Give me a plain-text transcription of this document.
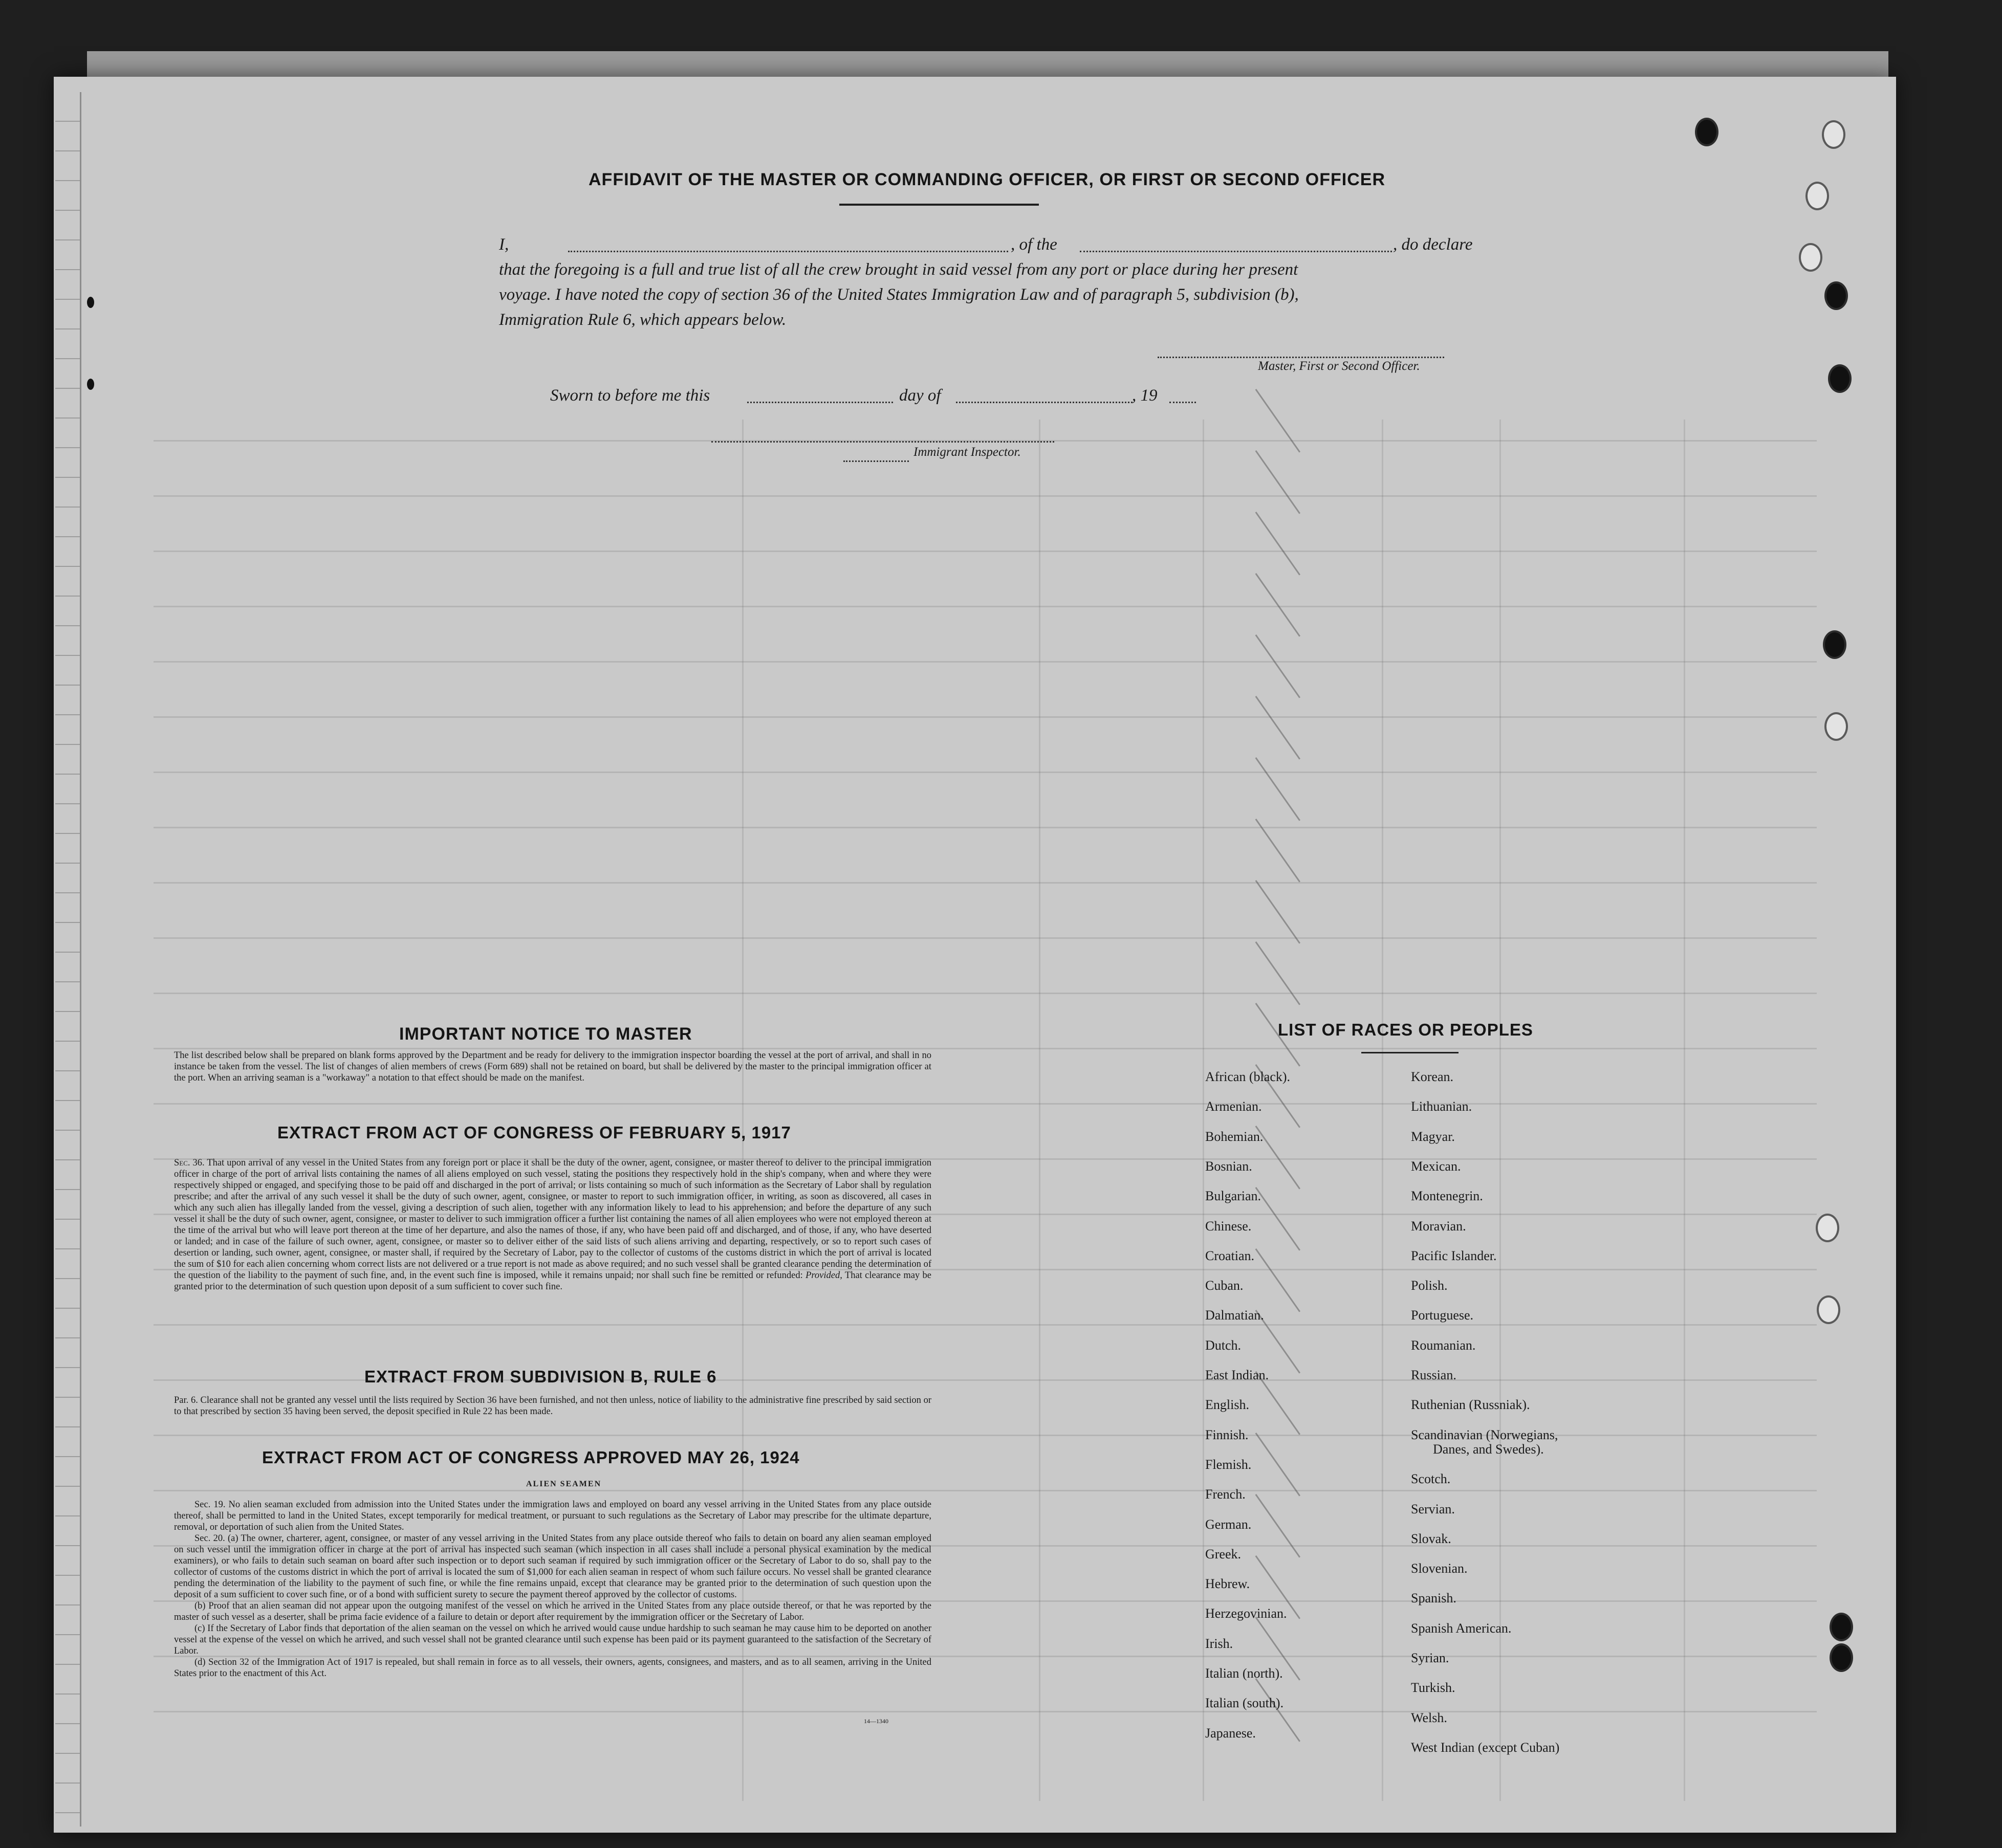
AFFIDAVIT OF THE MASTER OR COMMANDING OFFICER, OR FIRST OR SECOND OFFICER
I,	, of the	, do declare
that the foregoing is a full and true list of all the crew brought in said vessel from any port or place during her present
voyage. I have noted the copy of section 36 of the United States Immigration Law and of paragraph 5, subdivision (b),
Immigration Rule 6, which appears below.
Master, First or Second Officer.
Sworn to before me this	day of	, 19
Immigrant Inspector.
IMPORTANT NOTICE TO MASTER
The list described below shall be prepared on blank forms approved by the Department and be ready for delivery to the immigration inspector boarding the vessel at the port of arrival, and shall in no instance be taken from the vessel. The list of changes of alien members of crews (Form 689) shall not be retained on board, but shall be delivered by the master to the principal immigration officer at the port. When an arriving seaman is a "workaway" a notation to that effect should be made on the manifest.
EXTRACT FROM ACT OF CONGRESS OF FEBRUARY 5, 1917
Sec. 36. That upon arrival of any vessel in the United States from any foreign port or place it shall be the duty of the owner, agent, consignee, or master thereof to deliver to the principal immigration officer in charge of the port of arrival lists containing the names of all aliens employed on such vessel, stating the positions they respectively hold in the ship's company, when and where they were respectively shipped or engaged, and specifying those to be paid off and discharged in the port of arrival; or lists containing so much of such information as the Secretary of Labor shall by regulation prescribe; and after the arrival of any such vessel it shall be the duty of such owner, agent, consignee, or master to report to such immigration officer, in writing, as soon as discovered, all cases in which any such alien has illegally landed from the vessel, giving a description of such alien, together with any information likely to lead to his apprehension; and before the departure of any such vessel it shall be the duty of such owner, agent, consignee, or master to deliver to such immigration officer a further list containing the names of all alien employees who were not employed thereon at the time of the arrival but who will leave port thereon at the time of her departure, and also the names of those, if any, who have been paid off and discharged, and of those, if any, who have deserted or landed; and in case of the failure of such owner, agent, consignee, or master so to deliver either of the said lists of such aliens arriving and departing, respectively, or so to report such cases of desertion or landing, such owner, agent, consignee, or master shall, if required by the Secretary of Labor, pay to the collector of customs of the customs district in which the port of arrival is located the sum of $10 for each alien concerning whom correct lists are not delivered or a true report is not made as above required; and no such vessel shall be granted clearance pending the determination of the question of the liability to the payment of such fine, and, in the event such fine is imposed, while it remains unpaid; nor shall such fine be remitted or refunded: Provided, That clearance may be granted prior to the determination of such question upon deposit of a sum sufficient to cover such fine.
EXTRACT FROM SUBDIVISION B, RULE 6
Par. 6. Clearance shall not be granted any vessel until the lists required by Section 36 have been furnished, and not then unless, notice of liability to the administrative fine prescribed by said section or to that prescribed by section 35 having been served, the deposit specified in Rule 22 has been made.
EXTRACT FROM ACT OF CONGRESS APPROVED MAY 26, 1924
ALIEN SEAMEN
Sec. 19. No alien seaman excluded from admission into the United States under the immigration laws and employed on board any vessel arriving in the United States from any place outside thereof, shall be permitted to land in the United States, except temporarily for medical treatment, or pursuant to such regulations as the Secretary of Labor may prescribe for the ultimate departure, removal, or deportation of such alien from the United States.
Sec. 20. (a) The owner, charterer, agent, consignee, or master of any vessel arriving in the United States from any place outside thereof who fails to detain on board any alien seaman employed on such vessel until the immigration officer in charge at the port of arrival has inspected such seaman (which inspection in all cases shall include a personal physical examination by the medical examiners), or who fails to detain such seaman on board after such inspection or to deport such seaman if required by such immigration officer or the Secretary of Labor to do so, shall pay to the collector of customs of the customs district in which the port of arrival is located the sum of $1,000 for each alien seaman in respect of whom such failure occurs. No vessel shall be granted clearance pending the determination of the liability to the payment of such fine, or while the fine remains unpaid, except that clearance may be granted prior to the determination of such question upon the deposit of a sum sufficient to cover such fine, or of a bond with sufficient surety to secure the payment thereof approved by the collector of customs.
(b) Proof that an alien seaman did not appear upon the outgoing manifest of the vessel on which he arrived in the United States from any place outside thereof, or that he was reported by the master of such vessel as a deserter, shall be prima facie evidence of a failure to detain or deport after requirement by the immigration officer or the Secretary of Labor.
(c) If the Secretary of Labor finds that deportation of the alien seaman on the vessel on which he arrived would cause undue hardship to such seaman he may cause him to be deported on another vessel at the expense of the vessel on which he arrived, and such vessel shall not be granted clearance until such expense has been paid or its payment guaranteed to the satisfaction of the Secretary of Labor.
(d) Section 32 of the Immigration Act of 1917 is repealed, but shall remain in force as to all vessels, their owners, agents, consignees, and masters, and as to all seamen, arriving in the United States prior to the enactment of this Act.
14—1340
LIST OF RACES OR PEOPLES
African (black).
Armenian.
Bohemian.
Bosnian.
Bulgarian.
Chinese.
Croatian.
Cuban.
Dalmatian.
Dutch.
East Indian.
English.
Finnish.
Flemish.
French.
German.
Greek.
Hebrew.
Herzegovinian.
Irish.
Italian (north).
Italian (south).
Japanese.
Korean.
Lithuanian.
Magyar.
Mexican.
Montenegrin.
Moravian.
Pacific Islander.
Polish.
Portuguese.
Roumanian.
Russian.
Ruthenian (Russniak).
Scandinavian (Norwegians,
Danes, and Swedes).
Scotch.
Servian.
Slovak.
Slovenian.
Spanish.
Spanish American.
Syrian.
Turkish.
Welsh.
West Indian (except Cuban)
